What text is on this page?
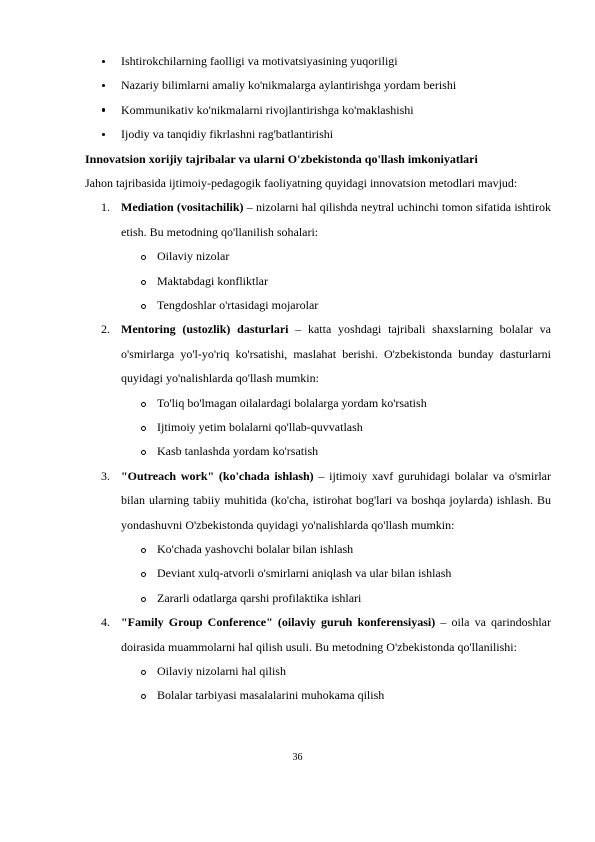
Ishtirokchilarning faolligi va motivatsiyasining yuqoriligi
Nazariy bilimlarni amaliy ko'nikmalarga aylantirishga yordam berishi
Kommunikativ ko'nikmalarni rivojlantirishga ko'maklashishi
Ijodiy va tanqidiy fikrlashni rag'batlantirishi
Innovatsion xorijiy tajribalar va ularni O'zbekistonda qo'llash imkoniyatlari
Jahon tajribasida ijtimoiy-pedagogik faoliyatning quyidagi innovatsion metodlari mavjud:
1. Mediation (vositachilik) – nizolarni hal qilishda neytral uchinchi tomon sifatida ishtirok etish. Bu metodning qo'llanilish sohalari:
Oilaviy nizolar
Maktabdagi konfliktlar
Tengdoshlar o'rtasidagi mojarolar
2. Mentoring (ustozlik) dasturlari – katta yoshdagi tajribali shaxslarning bolalar va o'smirlarga yo'l-yo'riq ko'rsatishi, maslahat berishi. O'zbekistonda bunday dasturlarni quyidagi yo'nalishlarda qo'llash mumkin:
To'liq bo'lmagan oilalardagi bolalarga yordam ko'rsatish
Ijtimoiy yetim bolalarni qo'llab-quvvatlash
Kasb tanlashda yordam ko'rsatish
3. "Outreach work" (ko'chada ishlash) – ijtimoiy xavf guruhidagi bolalar va o'smirlar bilan ularning tabiiy muhitida (ko'cha, istirohat bog'lari va boshqa joylarda) ishlash. Bu yondashuvni O'zbekistonda quyidagi yo'nalishlarda qo'llash mumkin:
Ko'chada yashovchi bolalar bilan ishlash
Deviant xulq-atvorli o'smirlarni aniqlash va ular bilan ishlash
Zararli odatlarga qarshi profilaktika ishlari
4. "Family Group Conference" (oilaviy guruh konferensiyasi) – oila va qarindoshlar doirasida muammolarni hal qilish usuli. Bu metodning O'zbekistonda qo'llanilishi:
Oilaviy nizolarni hal qilish
Bolalar tarbiyasi masalalarini muhokama qilish
36
